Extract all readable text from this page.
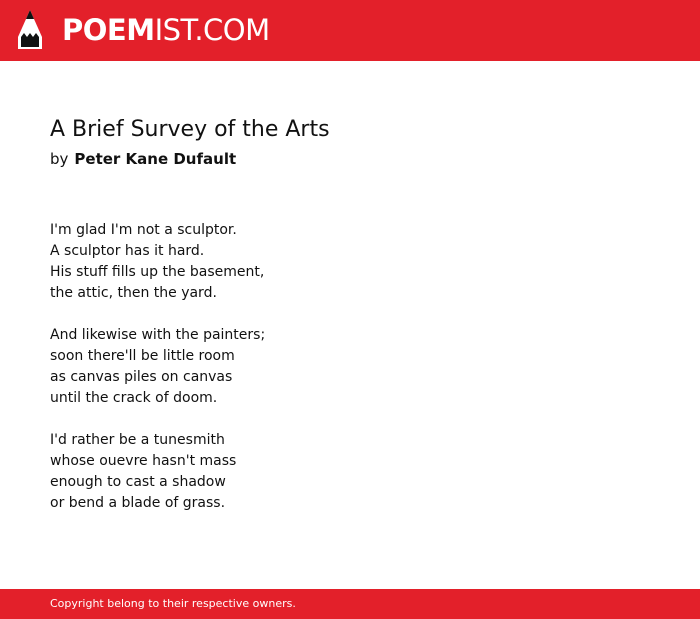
POEMIST.COM
A Brief Survey of the Arts
by Peter Kane Dufault
I'm glad I'm not a sculptor.
A sculptor has it hard.
His stuff fills up the basement,
the attic, then the yard.
And likewise with the painters;
soon there'll be little room
as canvas piles on canvas
until the crack of doom.
I'd rather be a tunesmith
whose ouevre hasn't mass
enough to cast a shadow
or bend a blade of grass.
Copyright belong to their respective owners.
